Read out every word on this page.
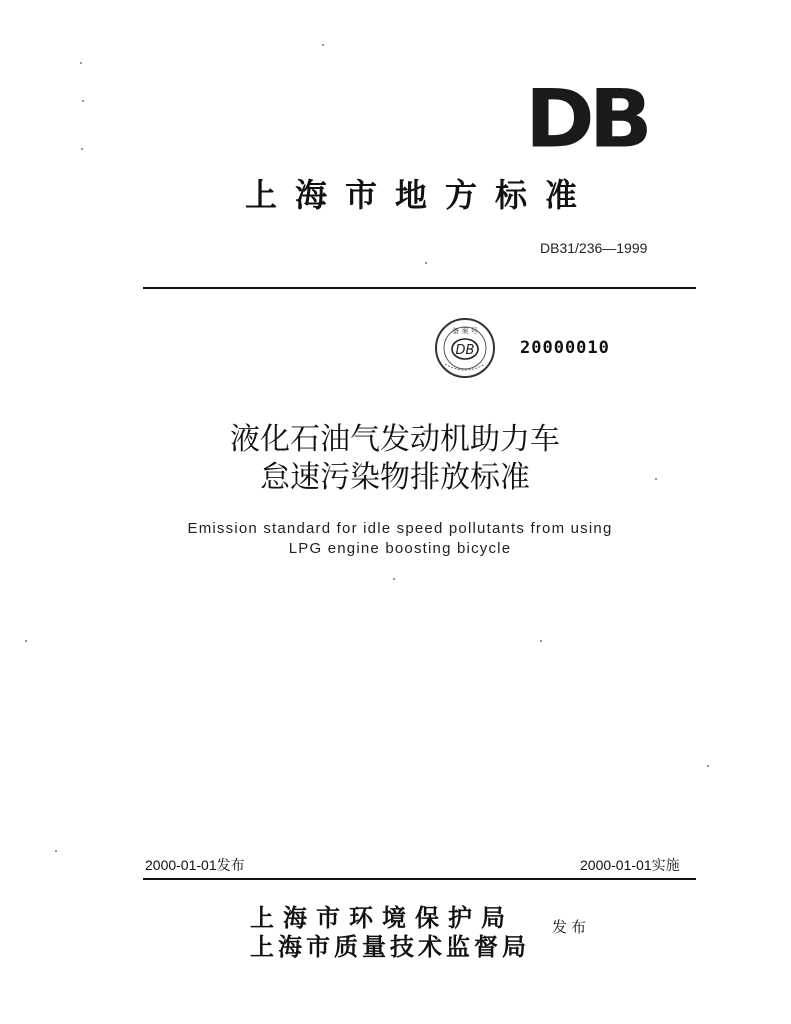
DB
上海市地方标准
DB31/236—1999
DB
备 案 号
20000010
液化石油气发动机助力车
怠速污染物排放标准
Emission standard for idle speed pollutants from using
LPG engine boosting bicycle
2000-01-01发布	2000-01-01实施
上海市环境保护局
上海市质量技术监督局
发布
